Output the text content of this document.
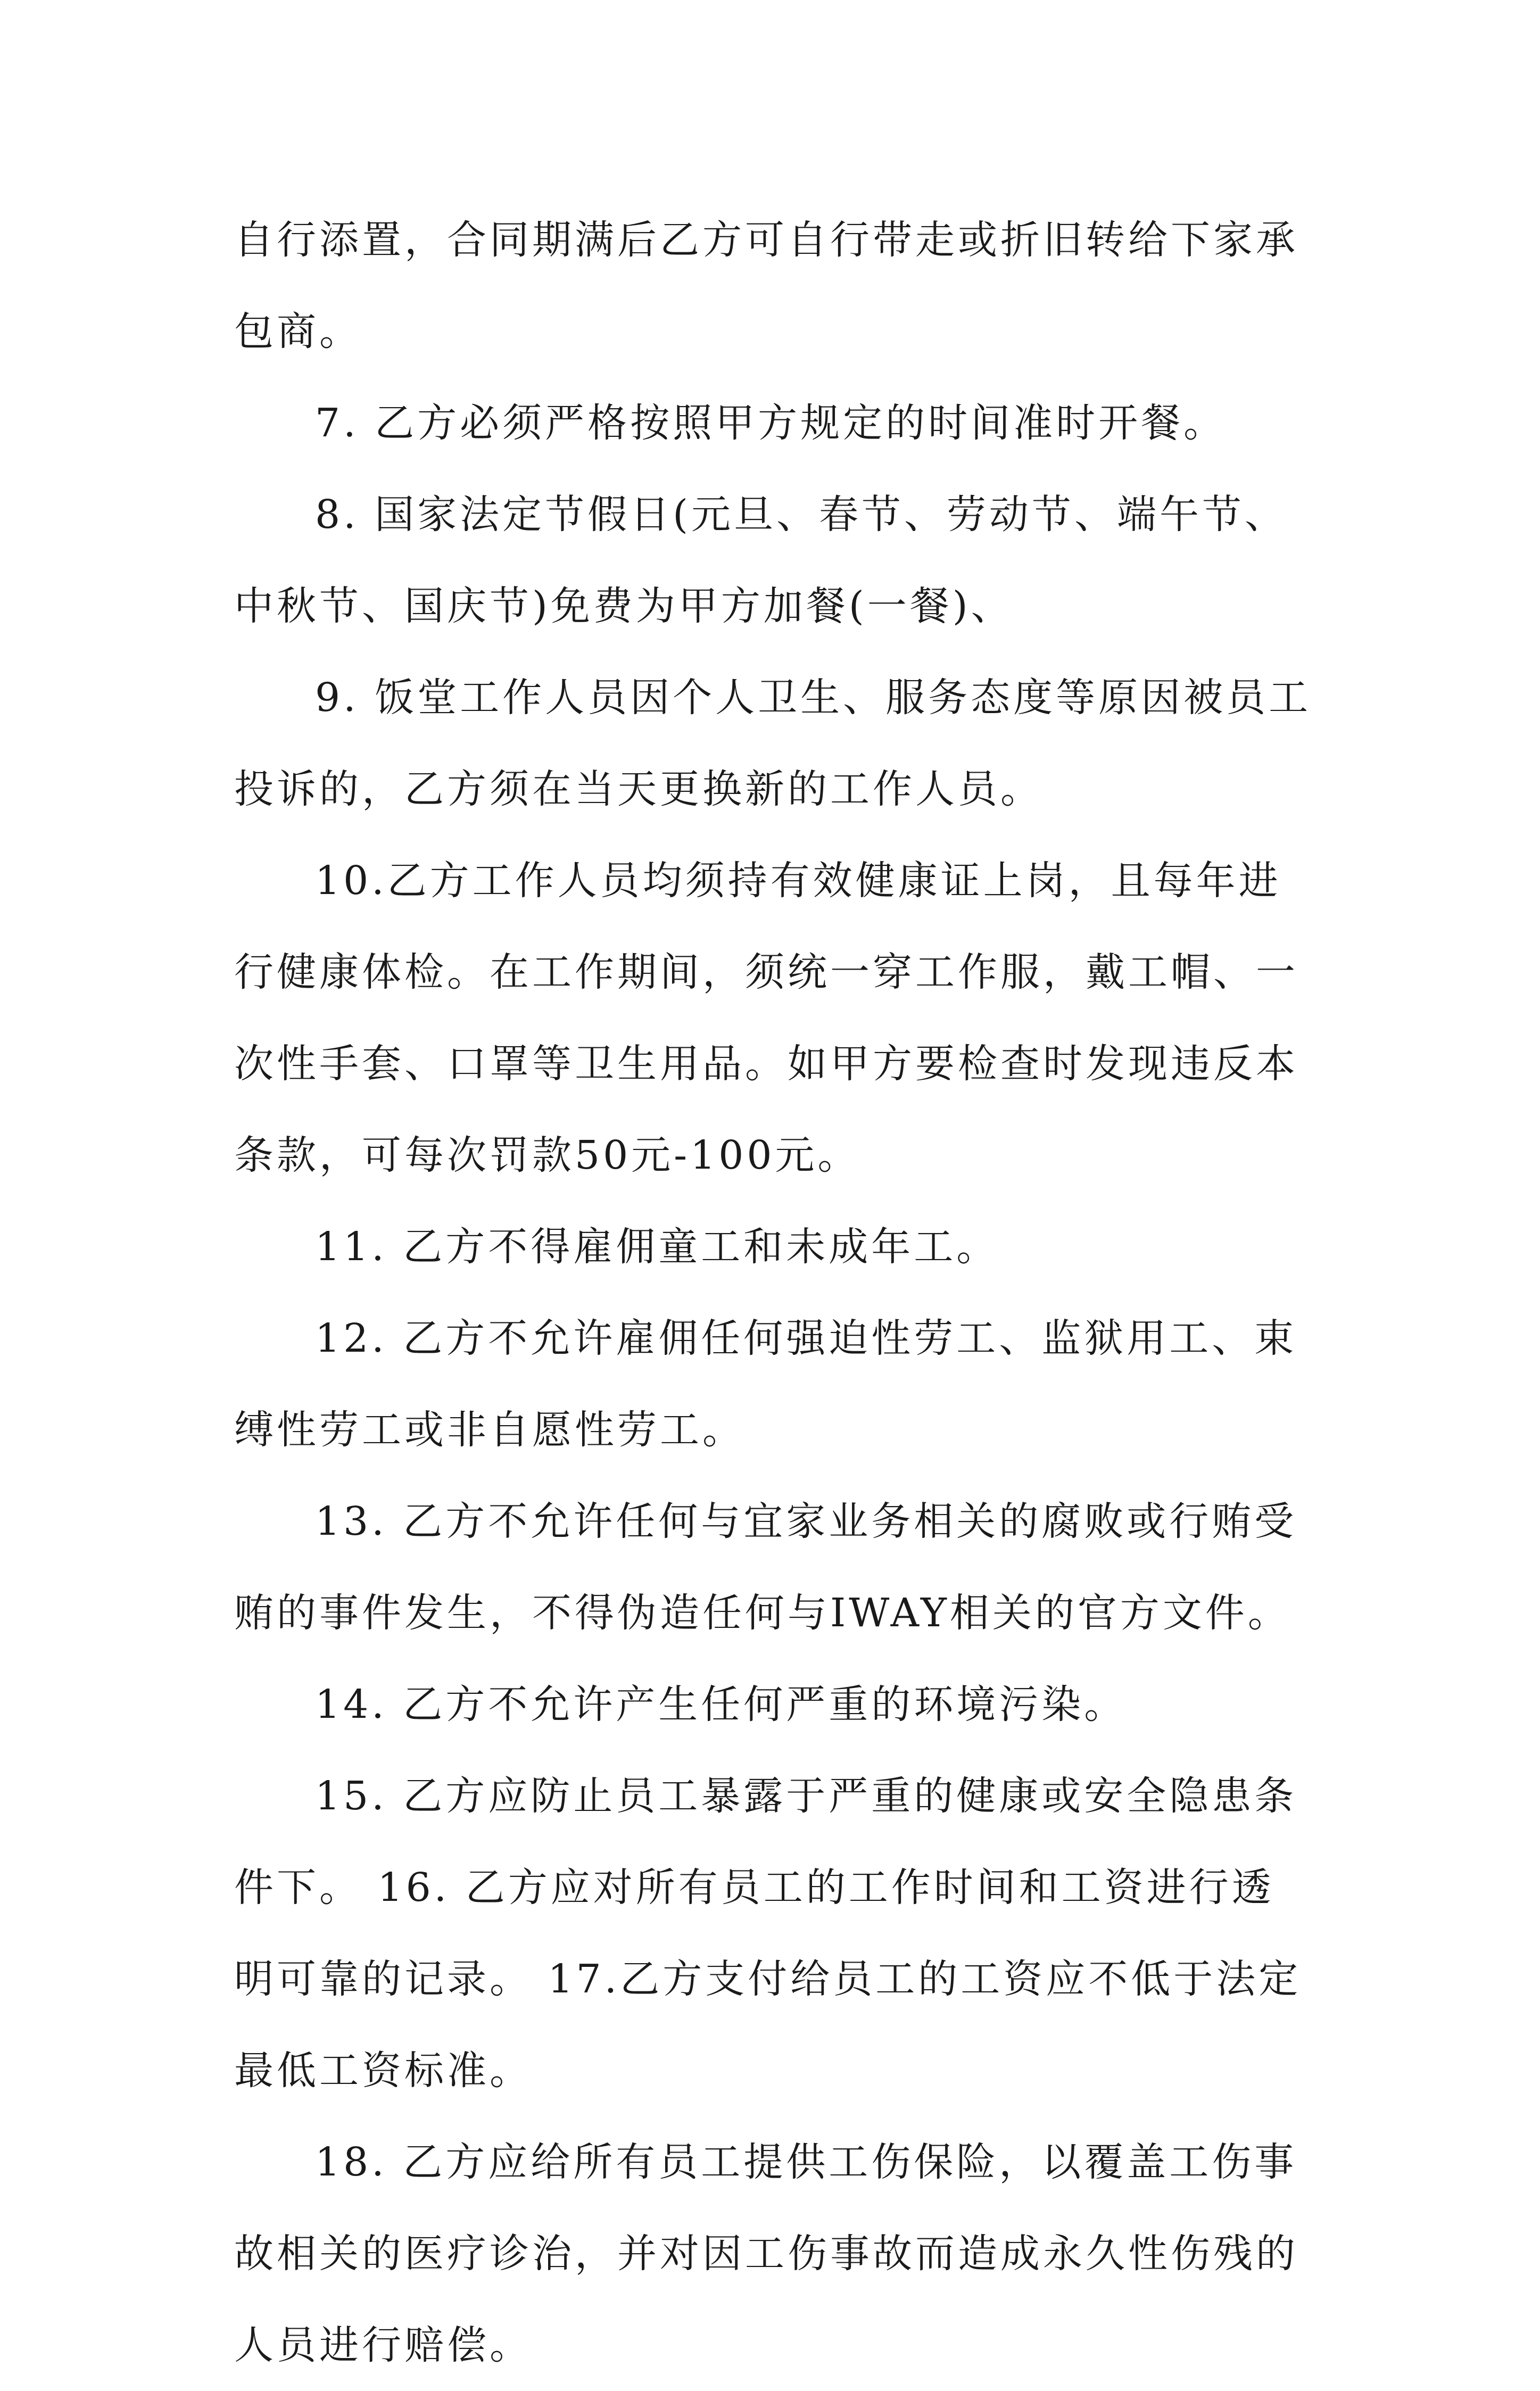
自行添置，合同期满后乙方可自行带走或折旧转给下家承包商。

7. 乙方必须严格按照甲方规定的时间准时开餐。

8. 国家法定节假日(元旦、春节、劳动节、端午节、中秋节、国庆节)免费为甲方加餐(一餐)、

9. 饭堂工作人员因个人卫生、服务态度等原因被员工投诉的，乙方须在当天更换新的工作人员。

10.乙方工作人员均须持有效健康证上岗，且每年进行健康体检。在工作期间，须统一穿工作服，戴工帽、一次性手套、口罩等卫生用品。如甲方要检查时发现违反本条款，可每次罚款50元-100元。

11. 乙方不得雇佣童工和未成年工。

12. 乙方不允许雇佣任何强迫性劳工、监狱用工、束缚性劳工或非自愿性劳工。

13. 乙方不允许任何与宜家业务相关的腐败或行贿受贿的事件发生，不得伪造任何与IWAY相关的官方文件。

14. 乙方不允许产生任何严重的环境污染。

15. 乙方应防止员工暴露于严重的健康或安全隐患条件下。 16. 乙方应对所有员工的工作时间和工资进行透明可靠的记录。 17.乙方支付给员工的工资应不低于法定最低工资标准。

18. 乙方应给所有员工提供工伤保险，以覆盖工伤事故相关的医疗诊治，并对因工伤事故而造成永久性伤残的人员进行赔偿。
